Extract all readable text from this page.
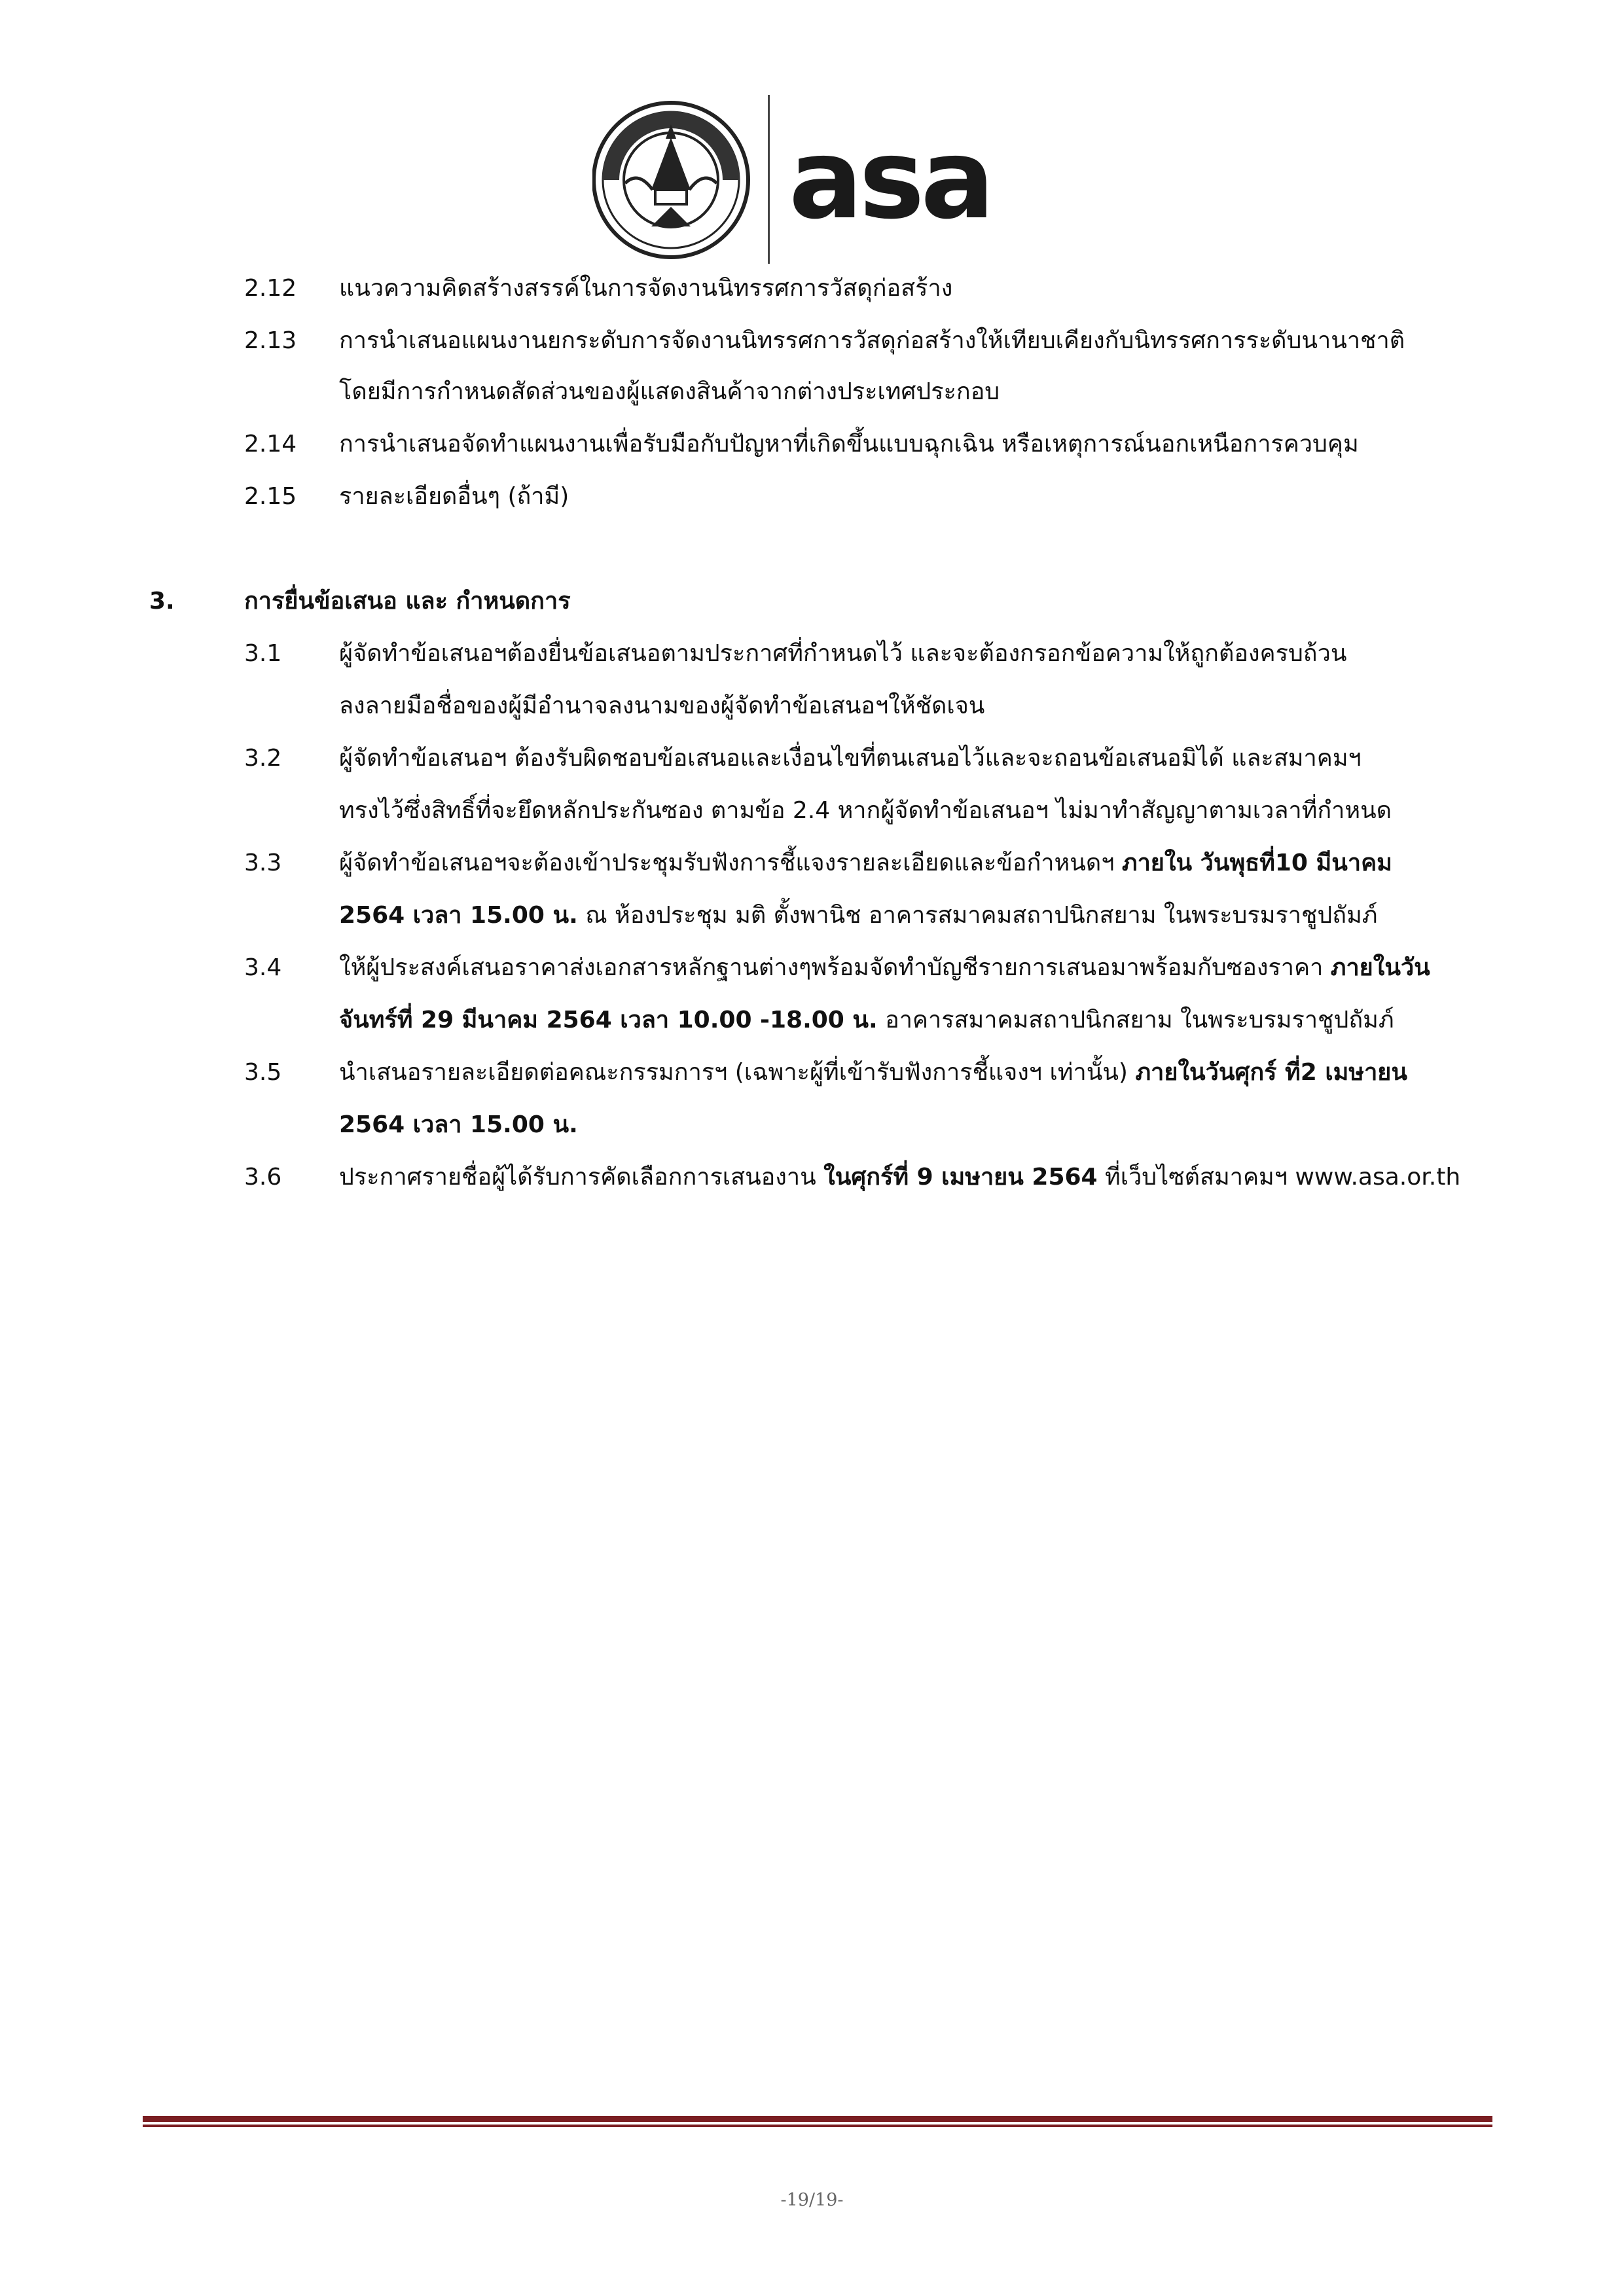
asa
2.12	แนวความคิดสร้างสรรค์ในการจัดงานนิทรรศการวัสดุก่อสร้าง
2.13	การนำเสนอแผนงานยกระดับการจัดงานนิทรรศการวัสดุก่อสร้างให้เทียบเคียงกับนิทรรศการระดับนานาชาติ
โดยมีการกำหนดสัดส่วนของผู้แสดงสินค้าจากต่างประเทศประกอบ
2.14	การนำเสนอจัดทำแผนงานเพื่อรับมือกับปัญหาที่เกิดขึ้นแบบฉุกเฉิน หรือเหตุการณ์นอกเหนือการควบคุม
2.15	รายละเอียดอื่นๆ (ถ้ามี)
3.	การยื่นข้อเสนอ และ กำหนดการ
3.1	ผู้จัดทำข้อเสนอฯต้องยื่นข้อเสนอตามประกาศที่กำหนดไว้ และจะต้องกรอกข้อความให้ถูกต้องครบถ้วน
ลงลายมือชื่อของผู้มีอำนาจลงนามของผู้จัดทำข้อเสนอฯให้ชัดเจน
3.2	ผู้จัดทำข้อเสนอฯ ต้องรับผิดชอบข้อเสนอและเงื่อนไขที่ตนเสนอไว้และจะถอนข้อเสนอมิได้ และสมาคมฯ
ทรงไว้ซึ่งสิทธิ์ที่จะยึดหลักประกันซอง ตามข้อ 2.4 หากผู้จัดทำข้อเสนอฯ ไม่มาทำสัญญาตามเวลาที่กำหนด
3.3	ผู้จัดทำข้อเสนอฯจะต้องเข้าประชุมรับฟังการชี้แจงรายละเอียดและข้อกำหนดฯ ภายใน วันพุธที่10 มีนาคม
2564 เวลา 15.00 น. ณ ห้องประชุม มติ ตั้งพานิช อาคารสมาคมสถาปนิกสยาม ในพระบรมราชูปถัมภ์
3.4	ให้ผู้ประสงค์เสนอราคาส่งเอกสารหลักฐานต่างๆพร้อมจัดทำบัญชีรายการเสนอมาพร้อมกับซองราคา ภายในวัน
จันทร์ที่ 29 มีนาคม 2564 เวลา 10.00 -18.00 น. อาคารสมาคมสถาปนิกสยาม ในพระบรมราชูปถัมภ์
3.5	นำเสนอรายละเอียดต่อคณะกรรมการฯ (เฉพาะผู้ที่เข้ารับฟังการชี้แจงฯ เท่านั้น) ภายในวันศุกร์ ที่2 เมษายน
2564 เวลา 15.00 น.
3.6	ประกาศรายชื่อผู้ได้รับการคัดเลือกการเสนองาน ในศุกร์ที่ 9 เมษายน 2564 ที่เว็บไซต์สมาคมฯ www.asa.or.th
-19/19-
